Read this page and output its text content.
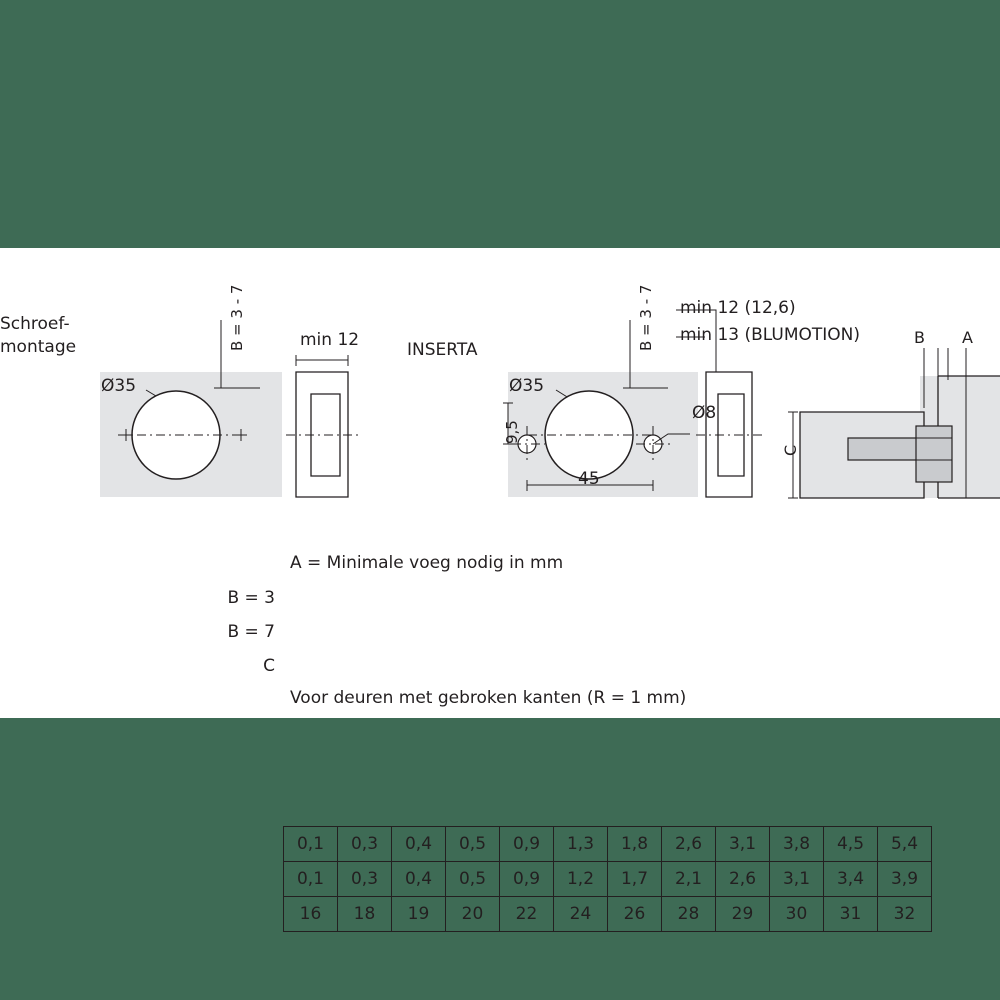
Schroef-
montage	B = 3 - 7	min 12	INSERTA	B = 3 - 7 min 12 (12,6)
min 13 (BLUMOTION)
Ø35
Ø8
9,5
45
Ø35
B A
C
A = Minimale voeg nodig in mm
B = 3
B = 7
C
0,1	0,3	0,4	0,5	0,9	1,3	1,8	2,6	3,1	3,8	4,5	5,4
0,1	0,3	0,4	0,5	0,9	1,2	1,7	2,1	2,6	3,1	3,4	3,9
16	18	19	20	22	24	26	28	29	30	31	32
Voor deuren met gebroken kanten (R = 1 mm)
